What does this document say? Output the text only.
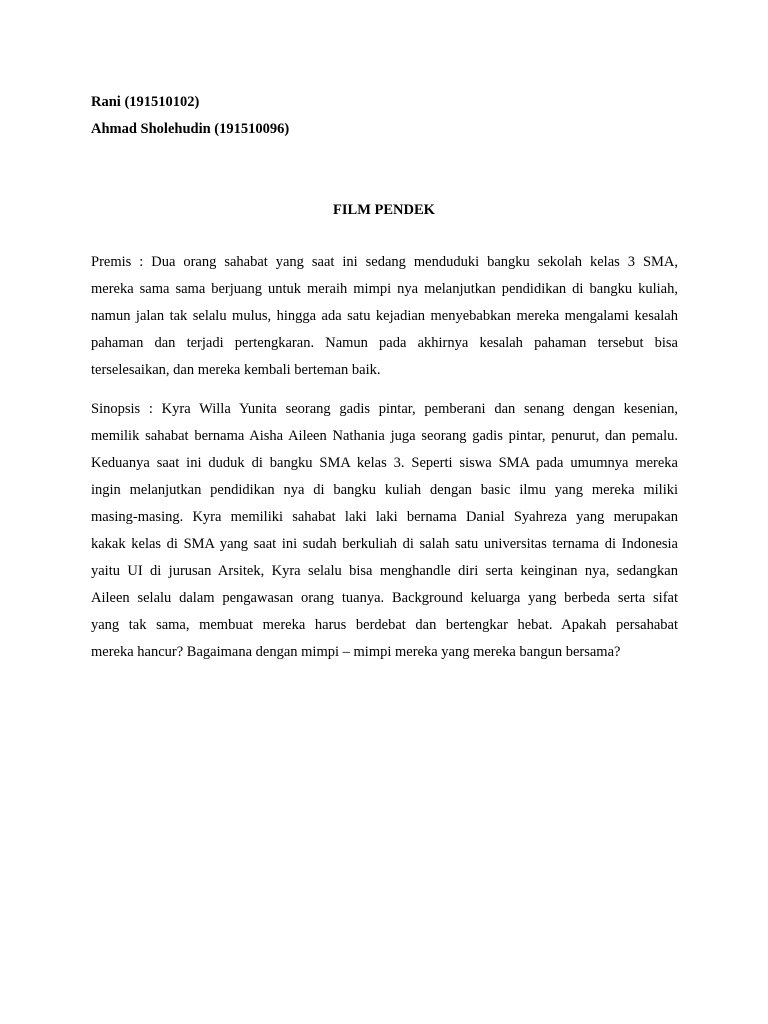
Rani (191510102)
Ahmad Sholehudin (191510096)
FILM PENDEK
Premis : Dua orang sahabat yang saat ini sedang menduduki bangku sekolah kelas 3 SMA,
mereka sama sama berjuang untuk meraih mimpi nya melanjutkan pendidikan di bangku kuliah,
namun jalan tak selalu mulus, hingga ada satu kejadian menyebabkan mereka mengalami kesalah
pahaman dan terjadi pertengkaran. Namun pada akhirnya kesalah pahaman tersebut bisa
terselesaikan, dan mereka kembali berteman baik.
Sinopsis : Kyra Willa Yunita seorang gadis pintar, pemberani dan senang dengan kesenian,
memilik sahabat bernama Aisha Aileen Nathania juga seorang gadis pintar, penurut, dan pemalu.
Keduanya saat ini duduk di bangku SMA kelas 3. Seperti siswa SMA pada umumnya mereka
ingin melanjutkan pendidikan nya di bangku kuliah dengan basic ilmu yang mereka miliki
masing-masing. Kyra memiliki sahabat laki laki bernama Danial Syahreza yang merupakan
kakak kelas di SMA yang saat ini sudah berkuliah di salah satu universitas ternama di Indonesia
yaitu UI di jurusan Arsitek, Kyra selalu bisa menghandle diri serta keinginan nya, sedangkan
Aileen selalu dalam pengawasan orang tuanya. Background keluarga yang berbeda serta sifat
yang tak sama, membuat mereka harus berdebat dan bertengkar hebat. Apakah persahabat
mereka hancur? Bagaimana dengan mimpi – mimpi mereka yang mereka bangun bersama?
